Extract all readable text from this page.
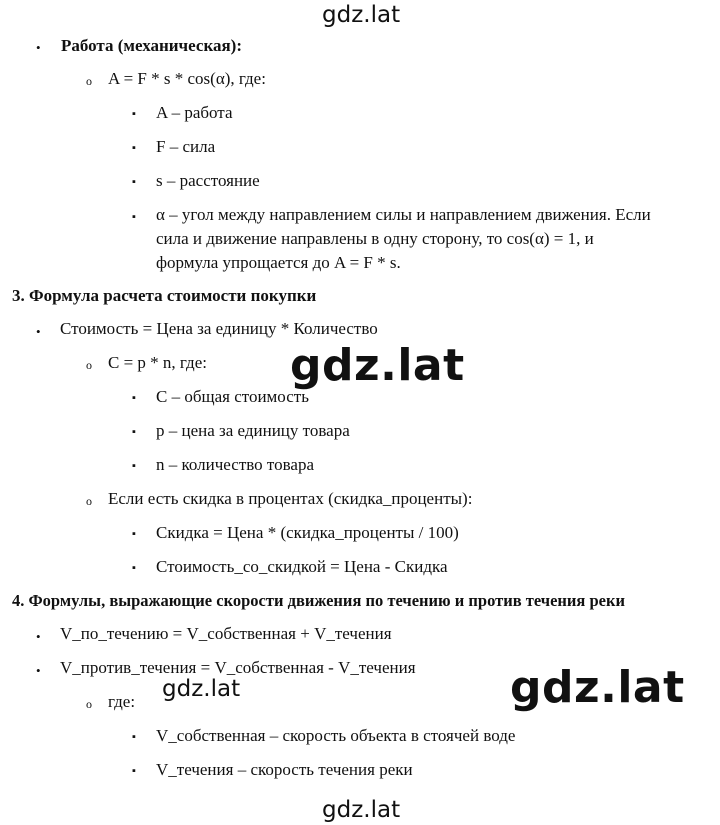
gdz.lat
gdz.lat
gdz.lat	gdz.lat
gdz.lat
• Работа (механическая):
o A = F * s * cos(α), где:
▪ A – работа
▪ F – сила
▪ s – расстояние
▪ α – угол между направлением силы и направлением движения. Если
сила и движение направлены в одну сторону, то cos(α) = 1, и
формула упрощается до A = F * s.
3. Формула расчета стоимости покупки
• Стоимость = Цена за единицу * Количество
o C = p * n, где:
▪ C – общая стоимость
▪ p – цена за единицу товара
▪ n – количество товара
o Если есть скидка в процентах (скидка_проценты):
▪ Скидка = Цена * (скидка_проценты / 100)
▪ Стоимость_со_скидкой = Цена - Скидка
4. Формулы, выражающие скорости движения по течению и против течения реки
• V_по_течению = V_собственная + V_течения
• V_против_течения = V_собственная - V_течения
o где:
▪ V_собственная – скорость объекта в стоячей воде
▪ V_течения – скорость течения реки
